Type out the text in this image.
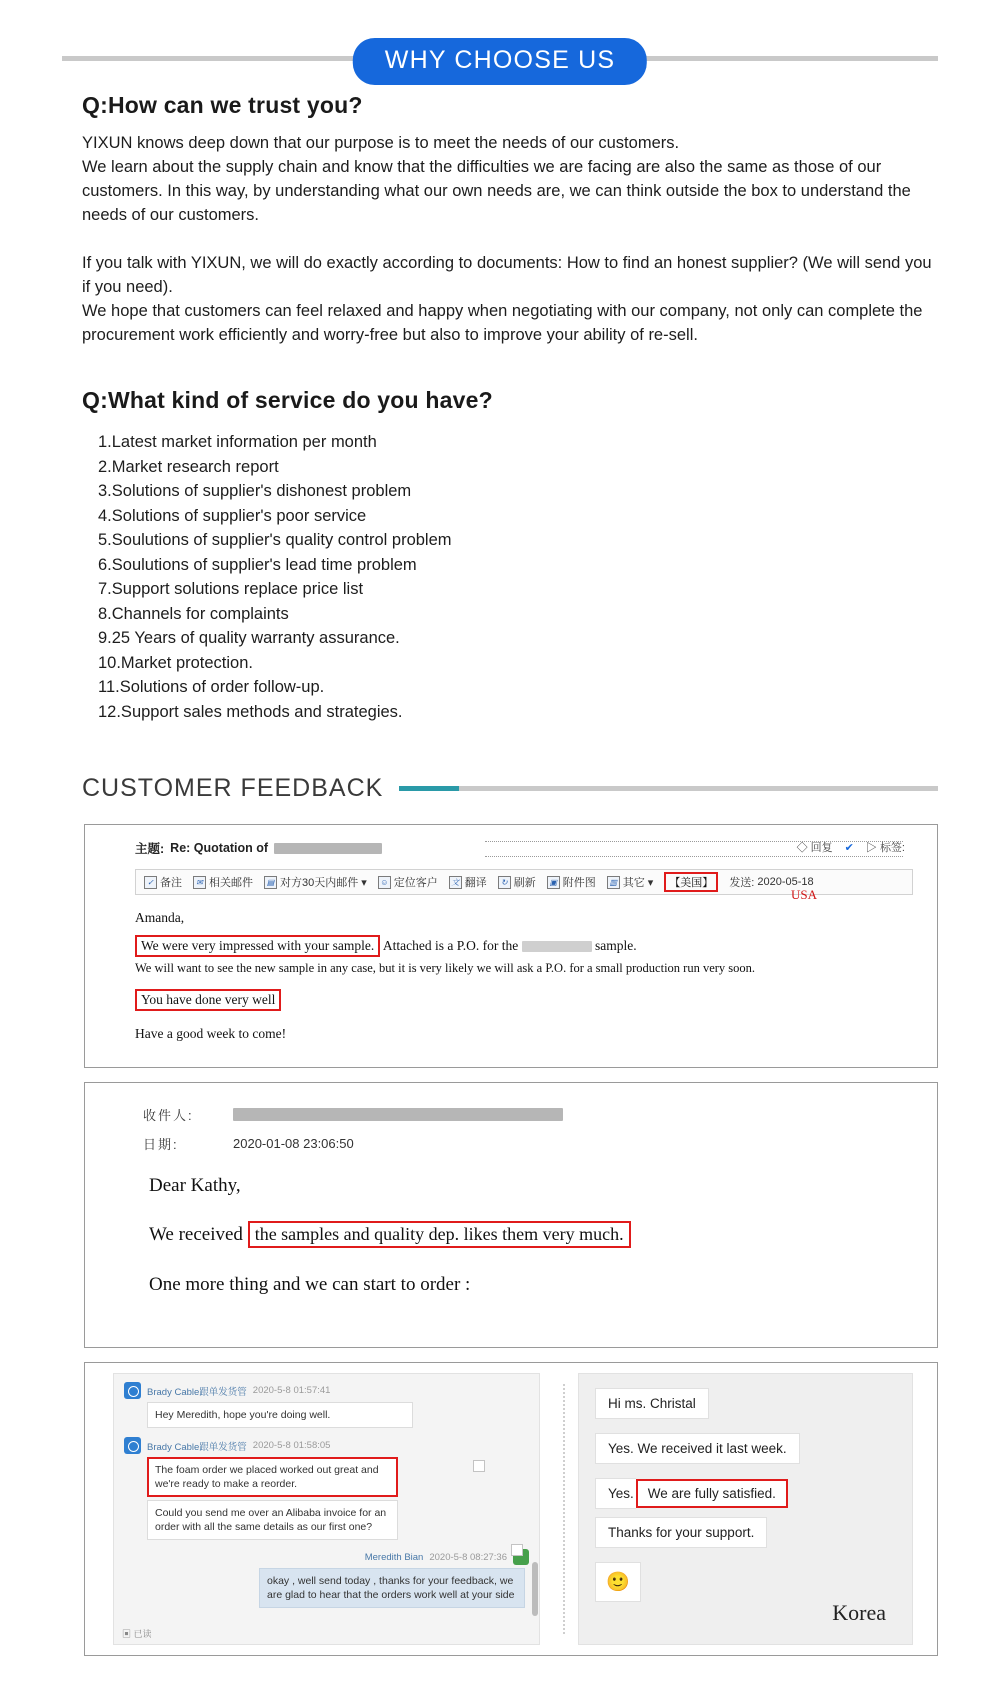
WHY CHOOSE US
Q:How can we trust you?

YIXUN knows deep down that our purpose is to meet the needs of our customers.

We learn about the supply chain and know that the difficulties we are facing are also the same as those of our customers. In this way, by understanding what our own needs are, we can think outside the box to understand the needs of our customers.

If you talk with YIXUN, we will do exactly according to documents: How to find an honest supplier? (We will send you if you need).

We hope that customers can feel relaxed and happy when negotiating with our company, not only can complete the procurement work efficiently and worry-free but also to improve your ability of re-sell.

Q:What kind of service do you have?
1.Latest market information per month
2.Market research report
3.Solutions of supplier's dishonest problem
4.Solutions of supplier's poor service
5.Soulutions of supplier's quality control problem
6.Soulutions of supplier's lead time problem
7.Support solutions replace price list
8.Channels for complaints
9.25 Years of quality warranty assurance.
10.Market protection.
11.Solutions of order follow-up.
12.Support sales methods and strategies.
CUSTOMER FEEDBACK
主题: Re: Quotation of	◇ 回复 ✔ ▷ 标签:
✓ 备注	✉ 相关邮件	▤ 对方30天内邮件 ▾	☺ 定位客户	文 翻译	↻ 刷新	▣ 附件图	▥ 其它 ▾	【美国】	发送: 2020-05-18
USA
Amanda,
We were very impressed with your sample. Attached is a P.O. for the	sample.
We will want to see the new sample in any case, but it is very likely we will ask a P.O. for a small production run very soon.
You have done very well
Have a good week to come!
收件人:
日期:	2020-01-08 23:06:50
Dear Kathy,
We received
the samples and quality dep. likes them very much.
One more thing and we can start to order :
Brady Cable跟单发货管 2020-5-8 01:57:41
Hey Meredith, hope you're doing well.
Brady Cable跟单发货管 2020-5-8 01:58:05
The foam order we placed worked out great and we're ready to make a reorder.
Could you send me over an Alibaba invoice for an order with all the same details as our first one?
Meredith Bian 2020-5-8 08:27:36
okay , well send today , thanks for your feedback, we are glad to hear that the orders work well at your side
▣ 已读
Hi ms. Christal
Yes. We received it last week.
Yes.	We are fully satisfied.
Thanks for your support.
🙂
Korea
